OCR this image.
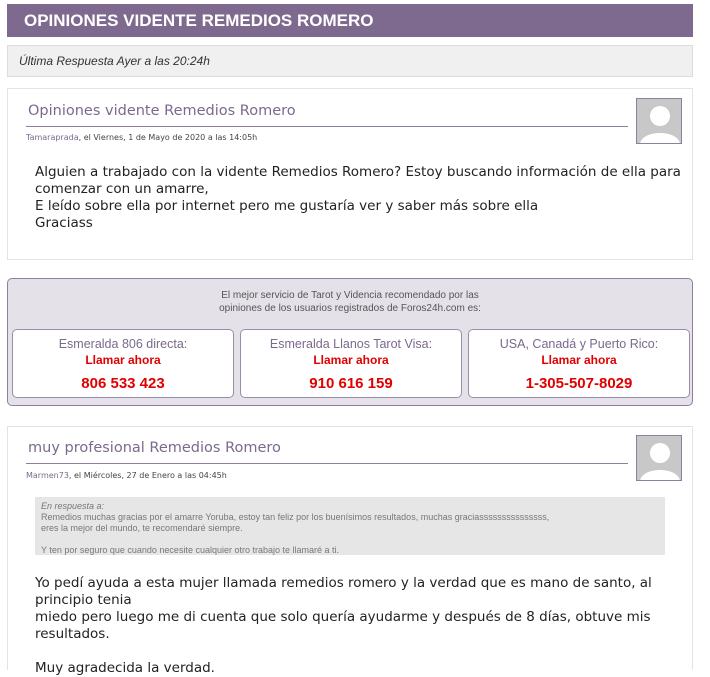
OPINIONES VIDENTE REMEDIOS ROMERO
Última Respuesta Ayer a las 20:24h
Opiniones vidente Remedios Romero
Tamaraprada, el Viernes, 1 de Mayo de 2020 a las 14:05h

Alguien a trabajado con la vidente Remedios Romero? Estoy buscando información de ella para

comenzar con un amarre,

E leído sobre ella por internet pero me gustaría ver y saber más sobre ella

Graciass

El mejor servicio de Tarot y Videncia recomendado por las
opiniones de los usuarios registrados de Foros24h.com es:
Esmeralda 806 directa:
Llamar ahora
806 533 423
Esmeralda Llanos Tarot Visa:
Llamar ahora
910 616 159
USA, Canadá y Puerto Rico:
Llamar ahora
1-305-507-8029
muy profesional Remedios Romero
Marmen73, el Miércoles, 27 de Enero a las 04:45h

En respuesta a:

Remedios muchas gracias por el amarre Yoruba, estoy tan feliz por los buenísimos resultados, muchas graciasssssssssssssss,

eres la mejor del mundo, te recomendaré siempre.

Y ten por seguro que cuando necesite cualquier otro trabajo te llamaré a ti.

Yo pedí ayuda a esta mujer llamada remedios romero y la verdad que es mano de santo, al principio tenia

miedo pero luego me di cuenta que solo quería ayudarme y después de 8 días, obtuve mis resultados.

Muy agradecida la verdad.
